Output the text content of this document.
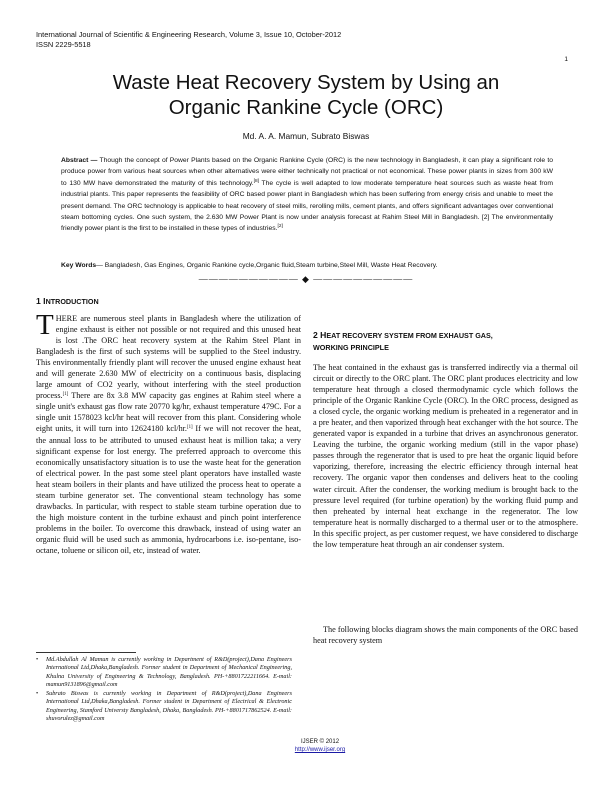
International Journal of Scientific & Engineering Research, Volume 3, Issue 10, October-2012
ISSN 2229-5518
1
Waste Heat Recovery System by Using an
Organic Rankine Cycle (ORC)
Md. A. A. Mamun, Subrato Biswas
Abstract — Though the concept of Power Plants based on the Organic Rankine Cycle (ORC) is the new technology in Bangladesh, it can play a significant role to produce power from various heat sources when other alternatives were either technically not practical or not economical. These power plants in sizes from 300 kW to 130 MW have demonstrated the maturity of this technology.[8] The cycle is well adapted to low moderate temperature heat sources such as waste heat from industrial plants. This paper represents the feasibility of ORC based power plant in Bangladesh which has been suffering from energy crisis and unable to meet the present demand. The ORC technology is applicable to heat recovery of steel mills, rerolling mills, cement plants, and offers significant advantages over conventional steam bottoming cycles. One such system, the 2.630 MW Power Plant is now under analysis forecast at Rahim Steel Mill in Bangladesh. [2] The environmentally friendly power plant is the first to be installed in these types of industries.[2]
Key Words— Bangladesh, Gas Engines, Organic Rankine cycle,Organic fluid,Steam turbine,Steel Mill, Waste Heat Recovery.
—————————— ◆ ——————————
1 INTRODUCTION
THERE are numerous steel plants in Bangladesh where the utilization of engine exhaust is either not possible or not required and this unused heat is lost .The ORC heat recovery system at the Rahim Steel Plant in Bangladesh is the first of such systems will be supplied to the Steel industry. This environmentally friendly plant will recover the unused engine exhaust heat and will generate 2.630 MW of electricity on a continuous basis, displacing large amount of CO2 yearly, without interfering with the steel production process.[1] There are 8x 3.8 MW capacity gas engines at Rahim steel where a single unit's exhaust gas flow rate 20770 kg/hr, exhaust temperature 479C. For a single unit 1578023 kcl/hr heat will recover from this plant. Considering whole eight units, it will turn into 12624180 kcl/hr.[1] If we will not recover the heat, the annual loss to be attributed to unused exhaust heat is million taka; a very significant expense for lost energy. The preferred approach to overcome this economically unsatisfactory situation is to use the waste heat for the generation of electrical power. In the past some steel plant operators have installed waste heat steam boilers in their plants and have utilized the process heat to operate a steam turbine generator set. The conventional steam technology has some drawbacks. In particular, with respect to stable steam turbine operation due to the high moisture content in the turbine exhaust and pinch point interference problems in the boiler. To overcome this drawback, instead of using water an organic fluid will be used such as ammonia, hydrocarbons i.e. iso-pentane, iso-octane, toluene or silicon oil, etc, instead of water.
2 HEAT RECOVERY SYSTEM FROM EXHAUST GAS,
WORKING PRINCIPLE
The heat contained in the exhaust gas is transferred indirectly via a thermal oil circuit or directly to the ORC plant. The ORC plant produces electricity and low temperature heat through a closed thermodynamic cycle which follows the principle of the Organic Rankine Cycle (ORC). In the ORC process, designed as a closed cycle, the organic working medium is preheated in a regenerator and in a pre heater, and then vaporized through heat exchanger with the hot source. The generated vapor is expanded in a turbine that drives an asynchronous generator. Leaving the turbine, the organic working medium (still in the vapor phase) passes through the regenerator that is used to pre heat the organic liquid before vaporizing, therefore, increasing the electric efficiency through internal heat recovery. The organic vapor then condenses and delivers heat to the cooling water circuit. After the condenser, the working medium is brought back to the pressure level required (for turbine operation) by the working fluid pump and then preheated by internal heat exchange in the regenerator. The low temperature heat is normally discharged to a thermal user or to the atmosphere. In this specific project, as per customer request, we have considered to discharge the low temperature heat through an air condenser system.
The following blocks diagram shows the main components of the ORC based heat recovery system
• Md.Abdullah Al Mamun is currently working in Department of R&D(project),Dana Engineers International Ltd,Dhaka,Bangladesh. Former student in Department of Mechanical Engineering, Khulna University of Engineering & Technology, Bangladesh. PH-+8801722211664. E-mail: mamun9131896@gmail.com
• Subrato Biswas is currently working in Department of R&D(project),Dana Engineers International Ltd,Dhaka,Bangladesh. Former student in Department of Electrical & Electronic Engineering, Stamford Universty Bangladesh, Dhaka, Bangladesh. PH-+8801717862524. E-mail: shuvorulez@gmail.com
IJSER © 2012
http://www.ijser.org
